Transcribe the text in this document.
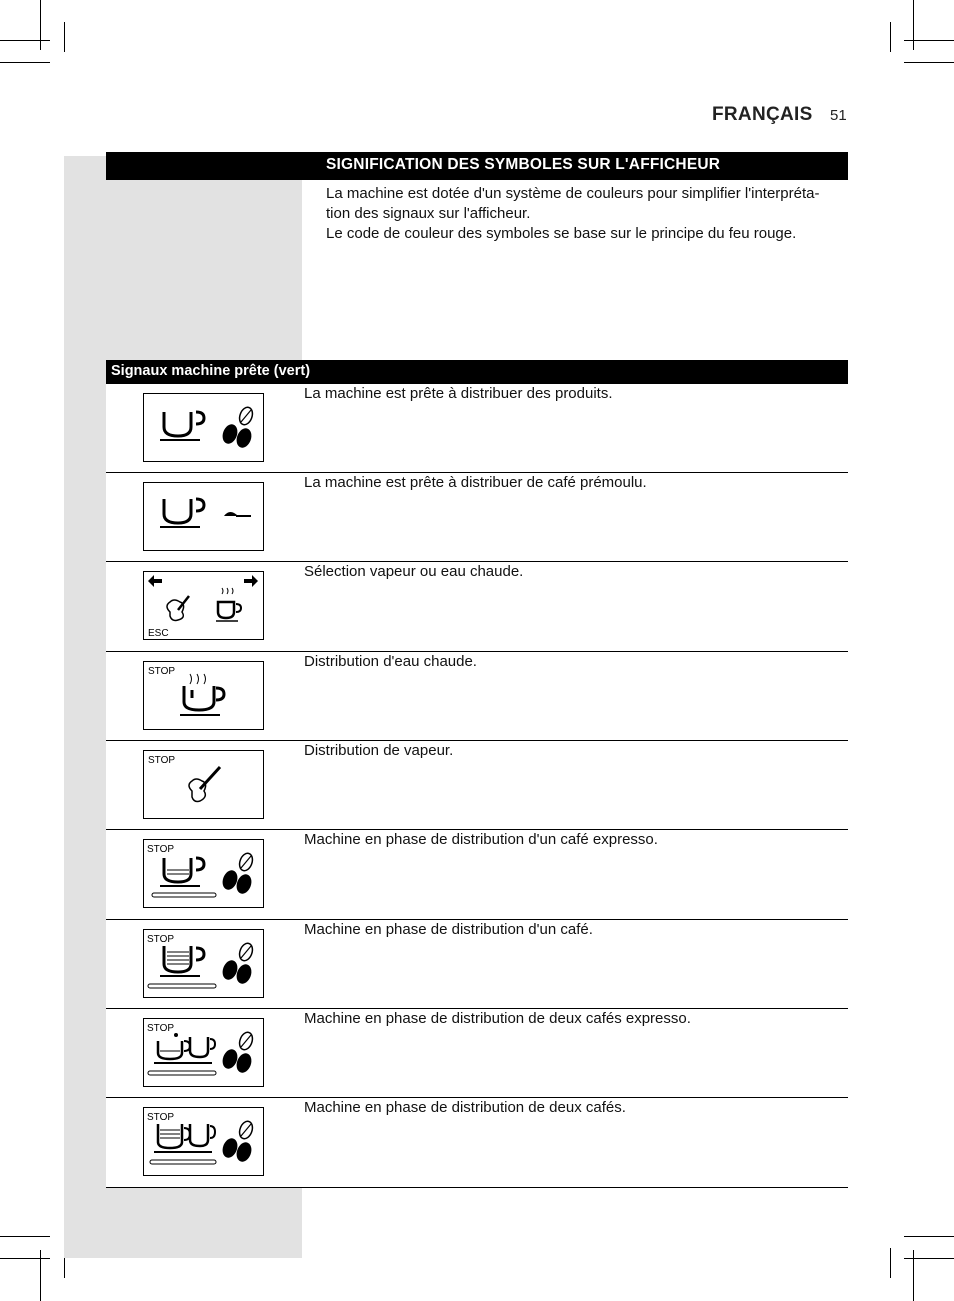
FRANÇAIS 51
SIGNIFICATION DES SYMBOLES SUR L'AFFICHEUR

La machine est dotée d'un système de couleurs pour simplifier l'interpréta-

tion des signaux sur l'afficheur.

Le code de couleur des symboles se base sur le principe du feu rouge.

Signaux machine prête (vert)
La machine est prête à distribuer des produits.
La machine est prête à distribuer de café prémoulu.
ESC
Sélection vapeur ou eau chaude.
STOP
Distribution d'eau chaude.
STOP
Distribution de vapeur.
STOP
Machine en phase de distribution d'un café expresso.
STOP
Machine en phase de distribution d'un café.
STOP
Machine en phase de distribution de deux cafés expresso.
STOP
Machine en phase de distribution de deux cafés.
